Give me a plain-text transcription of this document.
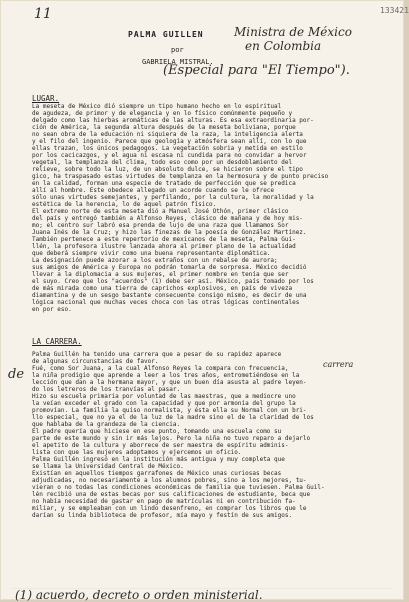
133421
11
PALMA GUILLEN	Ministra de México
en Colombia
por
GABRIELA MISTRAL.
(Especial para "El Tiempo").
LUGAR.
La meseta de México dió siempre un tipo humano hecho en lo espiritual
de agudeza, de primor y de elegancia y en lo físico comúnmente pequeño y
delgado como las hierbas aromáticas de las alturas. Es esa extraordinaria por-
ción de América, la segunda altura después de la meseta boliviana, porque
no sean obra de la educación ni siquiera de la raza, la inteligencia alerta
y el filo del ingenio. Parece que geología y atmósfera sean allí, con lo que
ellas trazan, los únicos pedagogos. La vegetación sobria y metida en estilo
por los cacicazgos, y el agua ni escasa ni cundida para no convidar a hervor
vegetal, la templanza del clima, todo eso como por un desdoblamiento del
relieve, sobre todo la luz, de un absoluto dulce, se hicieron sobre el tipo
gico, ha traspasado estas virtudes de templanza en la hermosura y de punto preciso
en la calidad, forman una especie de tratado de perfección que se predica
allí al hombre. Este obedece allegado un acorde cuando se le ofrece
sólo unas virtudes semejantes, y perfilando, por la cultura, la moralidad y la
estética de la herencia, lo de aquel patrón físico.
El extremo norte de esta meseta dió a Manuel José Othón, primer clásico
del país y entregó también a Alfonso Reyes, clásico de mañana y de hoy mis-
mo; el centro sur labró esa prenda de lujo de una raza que llamamos Sor
Juana Inés de la Cruz; y hizo las finezas de la poesía de González Martínez.
También pertenece a este repertorio de mexicanos de la meseta, Palma Gui-
llén, la profesora ilustre lanzada ahora al primer plano de la actualidad
que deberá siempre vivir como una buena representante diplomática.
La designación puede azorar a los extraños con un rebalse de aurora;
sus amigos de América y Europa no podrán tomarla de sorpresa. México decidió
llevar a la diplomacia a sus mujeres, el primer nombre en tenía que ser
el suyo. Creo que los "acuerdos" (1) debe ser así. México, país tomado por los
de más mirada como una tierra de caprichos explosivos, en país de viveza
diamantina y de un sesgo bastante consecuente consigo mismo, es decir de una
lógica nacional que muchas veces choca con las otras lógicas continentales
en por eso.
LA CARRERA.
de
carrera
Palma Guillén ha tenido una carrera que a pesar de su rapidez aparece
de algunas circunstancias de favor.
Fué, como Sor Juana, a la cual Alfonso Reyes la compara con frecuencia,
la niña prodigio que aprende a leer a los tres años, entrometiéndose en la
lección que dan a la hermana mayor, y que un buen día asusta al padre leyen-
do los letreros de los tranvías al pasar.
Hizo su escuela primaria por voluntad de las maestras, que a mediocre uno
la veían exceder el grado con la capacidad y que por armonía del grupo la
promovían. La familia la quiso normalista, y ésta ella su Normal con un bri-
llo especial, que no ya el de la luz de la madre sino el de la claridad de los
que hablaba de la grandeza de la ciencia.
El padre quería que hiciese en ese punto, tomando una escuela como su
parte de este mundo y sin ir más lejos. Pero la niña no tuvo reparo a dejarlo
el apetito de la cultura y aborrece de ser maestra de espíritu adminis-
lista con que las mujeres adoptamos y ejercemos un oficio.
Palma Guillén ingresó en la institución más antigua y muy completa que
se llama la Universidad Central de México.
Existían en aquellos tiempos garrafones de México unas curiosas becas
adjudicadas, no necesariamente a los alumnos pobres, sino a los mejores, tu-
vieran o no todas las condiciones económicas de familia que tuviesen. Palma Guil-
lén recibió una de estas becas por sus calificaciones de estudiante, beca que
no había necesidad de gastar en pago de matrículas ni en contribución fa-
miliar, y se empleaban con un lindo desenfreno, en comprar los libros que le
darían su linda biblioteca de profesor, mía mayo y festín de sus amigos.
(1) acuerdo, decreto o orden ministerial.
